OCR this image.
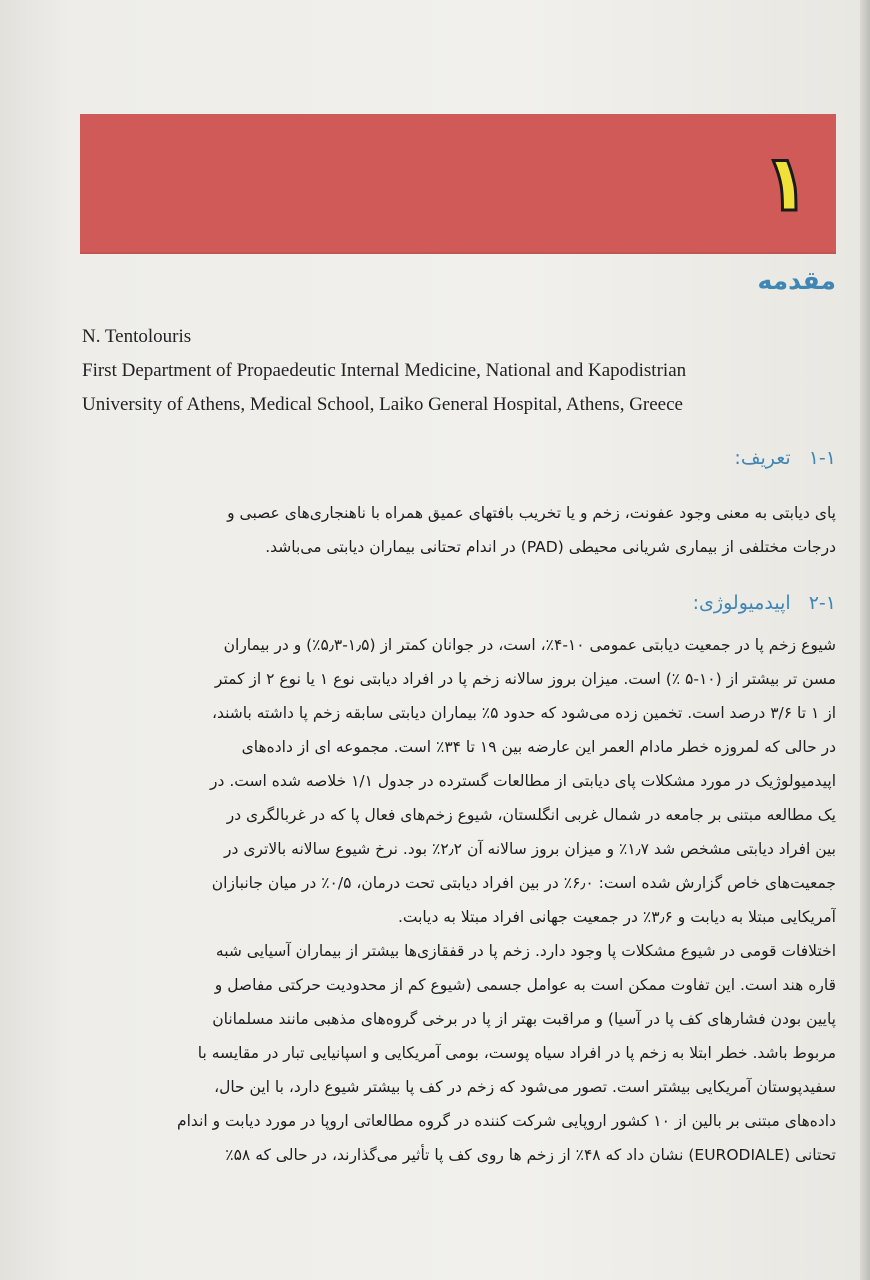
۱
مقدمه
N. Tentolouris
First Department of Propaedeutic Internal Medicine, National and Kapodistrian
University of Athens, Medical School, Laiko General Hospital, Athens, Greece
۱-۱تعریف:
پای دیابتی به معنی وجود عفونت، زخم و یا تخریب بافتهای عمیق همراه با ناهنجاری‌های عصبی و
درجات مختلفی از بیماری شریانی محیطی (PAD) در اندام تحتانی بیماران دیابتی می‌باشد.
۲-۱اپیدمیولوژی:
شیوع زخم پا در جمعیت دیابتی عمومی ۱۰-۴٪، است، در جوانان کمتر از (۱٫۵-۵٫۳٪) و در بیماران
مسن تر بیشتر از (۱۰-۵ ٪) است. میزان بروز سالانه زخم پا در افراد دیابتی نوع ۱ یا نوع ۲ از کمتر
از ۱ تا ۳/۶ درصد است. تخمین زده می‌شود که حدود ۵٪ بیماران دیابتی سابقه زخم پا داشته باشند،
در حالی که لمروزه خطر مادام العمر این عارضه بین ۱۹ تا ۳۴٪ است. مجموعه ای از داده‌های
اپیدمیولوژیک در مورد مشکلات پای دیابتی از مطالعات گسترده در جدول ۱/۱ خلاصه شده است. در
یک مطالعه مبتنی بر جامعه در شمال غربی انگلستان، شیوع زخم‌های فعال پا که در غربالگری در
بین افراد دیابتی مشخص شد ۱٫۷٪ و میزان بروز سالانه آن ۲٫۲٪ بود. نرخ شیوع سالانه بالاتری در
جمعیت‌های خاص گزارش شده است: ۶٫۰٪ در بین افراد دیابتی تحت درمان، ۰/۵٪ در میان جانبازان
آمریکایی مبتلا به دیابت و ۳٫۶٪ در جمعیت جهانی افراد مبتلا به دیابت.
اختلافات قومی در شیوع مشکلات پا وجود دارد. زخم پا در قفقازی‌ها بیشتر از بیماران آسیایی شبه
قاره هند است. این تفاوت ممکن است به عوامل جسمی (شیوع کم از محدودیت حرکتی مفاصل و
پایین بودن فشارهای کف پا در آسیا) و مراقبت بهتر از پا در برخی گروه‌های مذهبی مانند مسلمانان
مربوط باشد. خطر ابتلا به زخم پا در افراد سیاه پوست، بومی آمریکایی و اسپانیایی تبار در مقایسه با
سفیدپوستان آمریکایی بیشتر است. تصور می‌شود که زخم در کف پا بیشتر شیوع دارد، با این حال،
داده‌های مبتنی بر بالین از ۱۰ کشور اروپایی شرکت کننده در گروه مطالعاتی اروپا در مورد دیابت و اندام
تحتانی (EURODIALE) نشان داد که ۴۸٪ از زخم ها روی کف پا تأثیر می‌گذارند، در حالی که ۵۸٪
